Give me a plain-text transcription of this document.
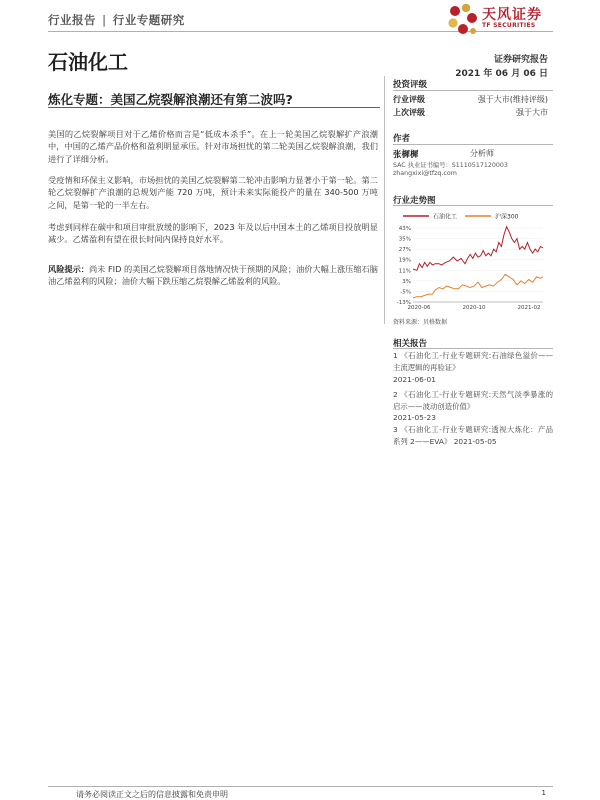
行业报告 | 行业专题研究	天风证券
TF SECURITIES
石油化工	证券研究报告
2021 年 06 月 06 日
炼化专题：美国乙烷裂解浪潮还有第二波吗?
美国的乙烷裂解项目对于乙烯价格而言是“低成本杀手”。在上一轮美国乙烷裂解扩产浪潮中，中国的乙烯产品价格和盈利明显承压。针对市场担忧的第二轮美国乙烷裂解浪潮，我们进行了详细分析。
受疫情和环保主义影响，市场担忧的美国乙烷裂解第二轮冲击影响力显著小于第一轮。第二轮乙烷裂解扩产浪潮的总规划产能 720 万吨，预计未来实际能投产的量在 340-500 万吨之间，是第一轮的一半左右。
考虑到同样在碳中和项目审批放缓的影响下，2023 年及以后中国本土的乙烯项目投放明显减少。乙烯盈利有望在很长时间内保持良好水平。
风险提示：尚未 FID 的美国乙烷裂解项目落地情况快于预期的风险；油价大幅上涨压缩石脑油乙烯盈利的风险；油价大幅下跌压缩乙烷裂解乙烯盈利的风险。
投资评级
行业评级	强于大市(维持评级)
上次评级	强于大市
作者
张樨樨	分析师
SAC 执业证书编号：S1110517120003
zhangxixi@tfzq.com
行业走势图
石油化工	沪深300
43%
35%
27%
19%
11%
3%
-5%
-13%
2020-06	2020-10	2021-02
资料来源：贝格数据
相关报告
1 《石油化工-行业专题研究:石油绿色溢价——主流逻辑的再验证》
2021-06-01
2 《石油化工-行业专题研究:天然气淡季暴涨的启示——波动创造价值》
2021-05-23
3 《石油化工-行业专题研究:透视大炼化：产品系列 2——EVA》 2021-05-05
请务必阅读正文之后的信息披露和免责申明	1
